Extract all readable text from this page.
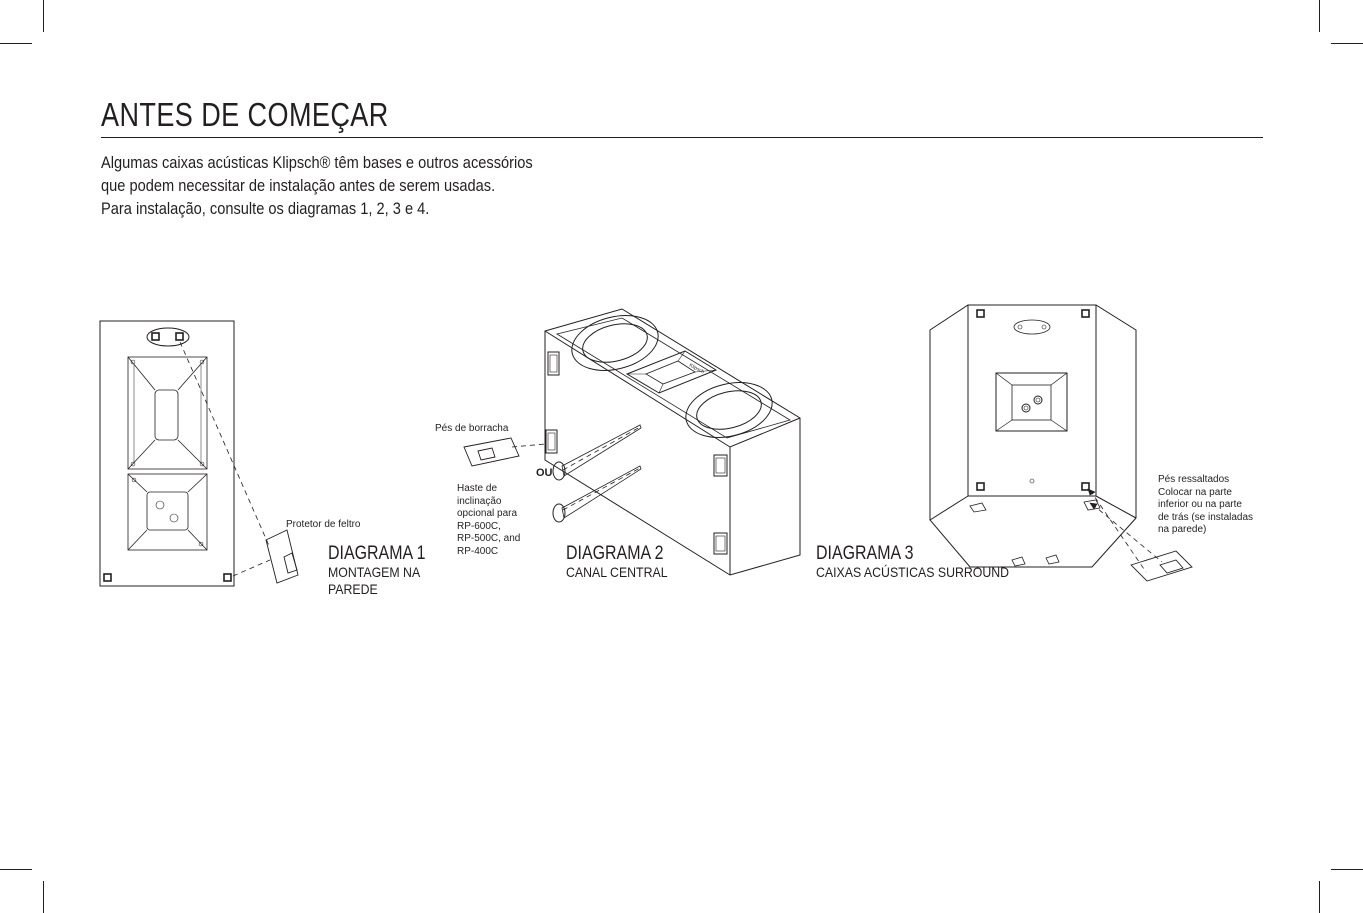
ANTES DE COMEÇAR
Algumas caixas acústicas Klipsch® têm bases e outros acessórios
que podem necessitar de instalação antes de serem usadas.
Para instalação, consulte os diagramas 1, 2, 3 e 4.
Klipsch
Protetor de feltro
DIAGRAMA 1
MONTAGEM NA
PAREDE
Pés de borracha
OU
Haste de
inclinação
opcional para
RP-600C,
RP-500C, and
RP-400C	DIAGRAMA 2
CANAL CENTRAL
Pés ressaltados
Colocar na parte
inferior ou na parte
de trás (se instaladas
na parede)
DIAGRAMA 3
CAIXAS ACÚSTICAS SURROUND
